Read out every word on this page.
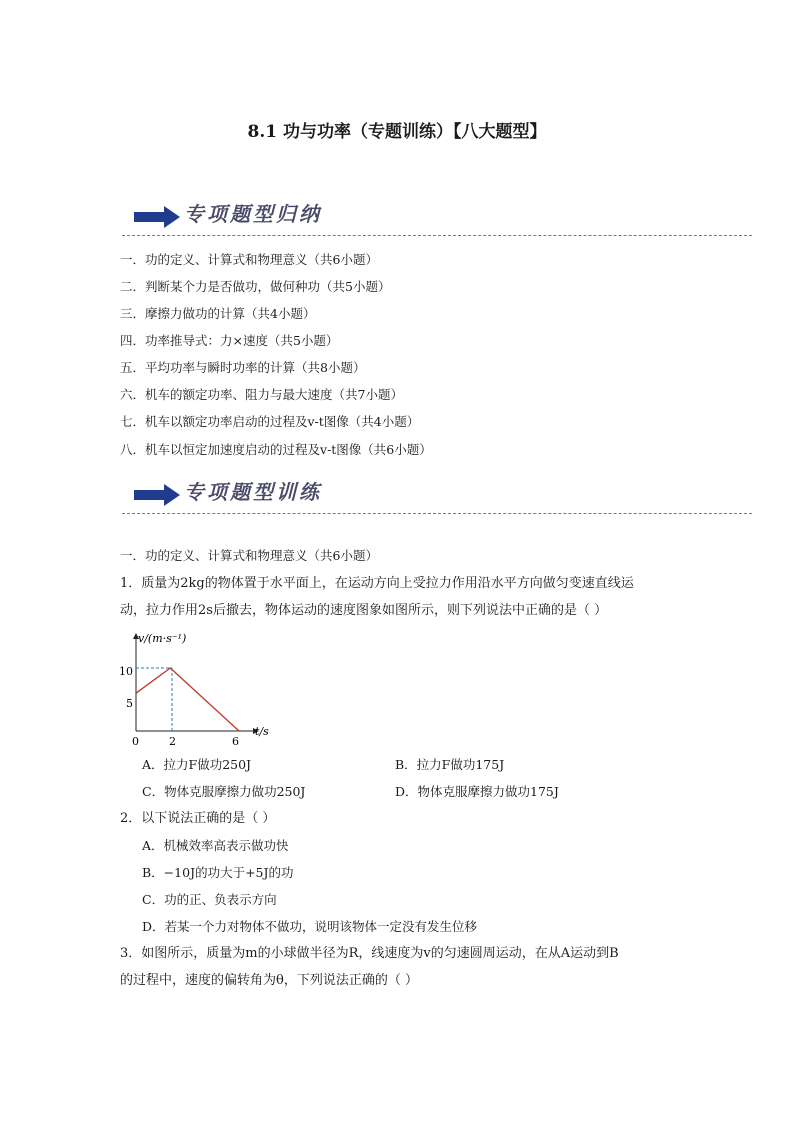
8.1 功与功率（专题训练）【八大题型】
专项题型归纳
一．功的定义、计算式和物理意义（共6小题）
二．判断某个力是否做功，做何种功（共5小题）
三．摩擦力做功的计算（共4小题）
四．功率推导式：力×速度（共5小题）
五．平均功率与瞬时功率的计算（共8小题）
六．机车的额定功率、阻力与最大速度（共7小题）
七．机车以额定功率启动的过程及v-t图像（共4小题）
八．机车以恒定加速度启动的过程及v-t图像（共6小题）
专项题型训练
一．功的定义、计算式和物理意义（共6小题）
1．质量为2kg的物体置于水平面上，在运动方向上受拉力作用沿水平方向做匀变速直线运
动，拉力作用2s后撤去，物体运动的速度图象如图所示，则下列说法中正确的是（ ）
v/(m·s⁻¹)
t/s
10
5
0	2	6
A．拉力F做功250J	B．拉力F做功175J
C．物体克服摩擦力做功250J	D．物体克服摩擦力做功175J
2．以下说法正确的是（ ）
A．机械效率高表示做功快
B．−10J的功大于+5J的功
C．功的正、负表示方向
D．若某一个力对物体不做功，说明该物体一定没有发生位移
3．如图所示，质量为m的小球做半径为R，线速度为v的匀速圆周运动，在从A运动到B
的过程中，速度的偏转角为θ，下列说法正确的（ ）
